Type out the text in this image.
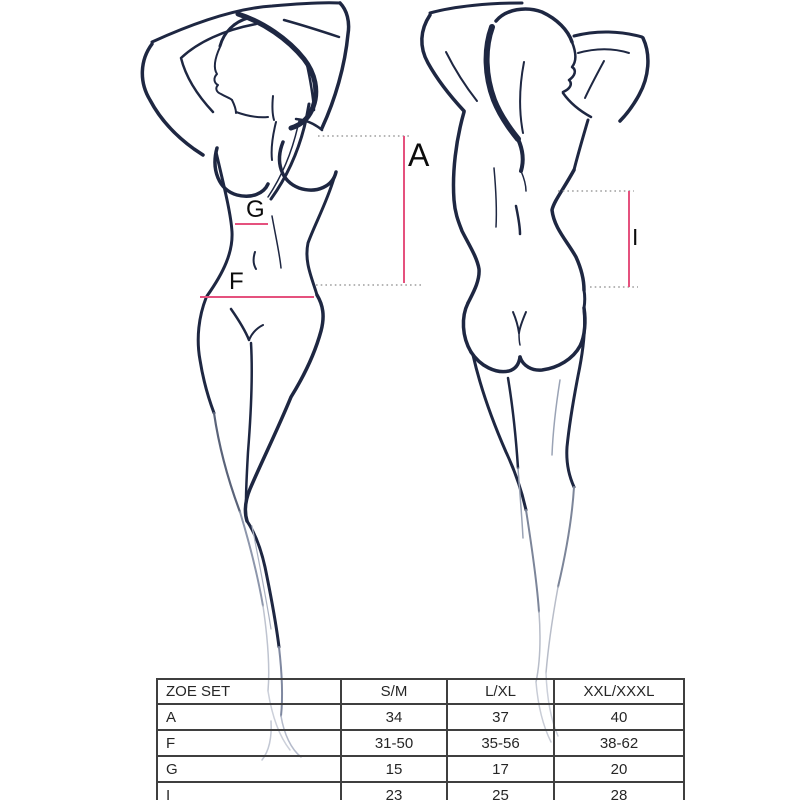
A
G
F
I
ZOE SET	S/M	L/XL	XXL/XXXL
A	34	37	40
F	31-50	35-56	38-62
G	15	17	20
I	23	25	28
